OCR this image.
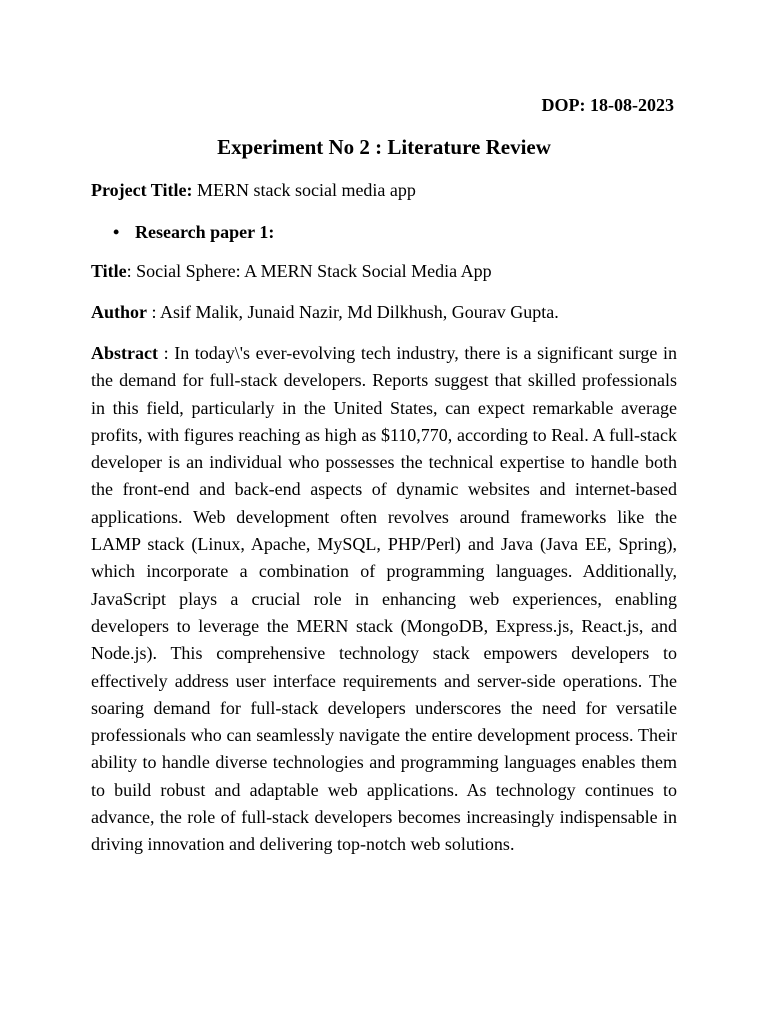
DOP: 18-08-2023
Experiment No 2 : Literature Review
Project Title: MERN stack social media app
• Research paper 1:
Title: Social Sphere: A MERN Stack Social Media App
Author : Asif Malik, Junaid Nazir, Md Dilkhush, Gourav Gupta.

Abstract : In today\'s ever-evolving tech industry, there is a significant surge in the demand for full-stack developers. Reports suggest that skilled professionals in this field, particularly in the United States, can expect remarkable average profits, with figures reaching as high as $110,770, according to Real. A full-stack developer is an individual who possesses the technical expertise to handle both the front-end and back-end aspects of dynamic websites and internet-based applications. Web development often revolves around frameworks like the LAMP stack (Linux, Apache, MySQL, PHP/Perl) and Java (Java EE, Spring), which incorporate a combination of programming languages. Additionally, JavaScript plays a crucial role in enhancing web experiences, enabling developers to leverage the MERN stack (MongoDB, Express.js, React.js, and Node.js). This comprehensive technology stack empowers developers to effectively address user interface requirements and server-side operations. The soaring demand for full-stack developers underscores the need for versatile professionals who can seamlessly navigate the entire development process. Their ability to handle diverse technologies and programming languages enables them to build robust and adaptable web applications. As technology continues to advance, the role of full-stack developers becomes increasingly indispensable in driving innovation and delivering top-notch web solutions.
